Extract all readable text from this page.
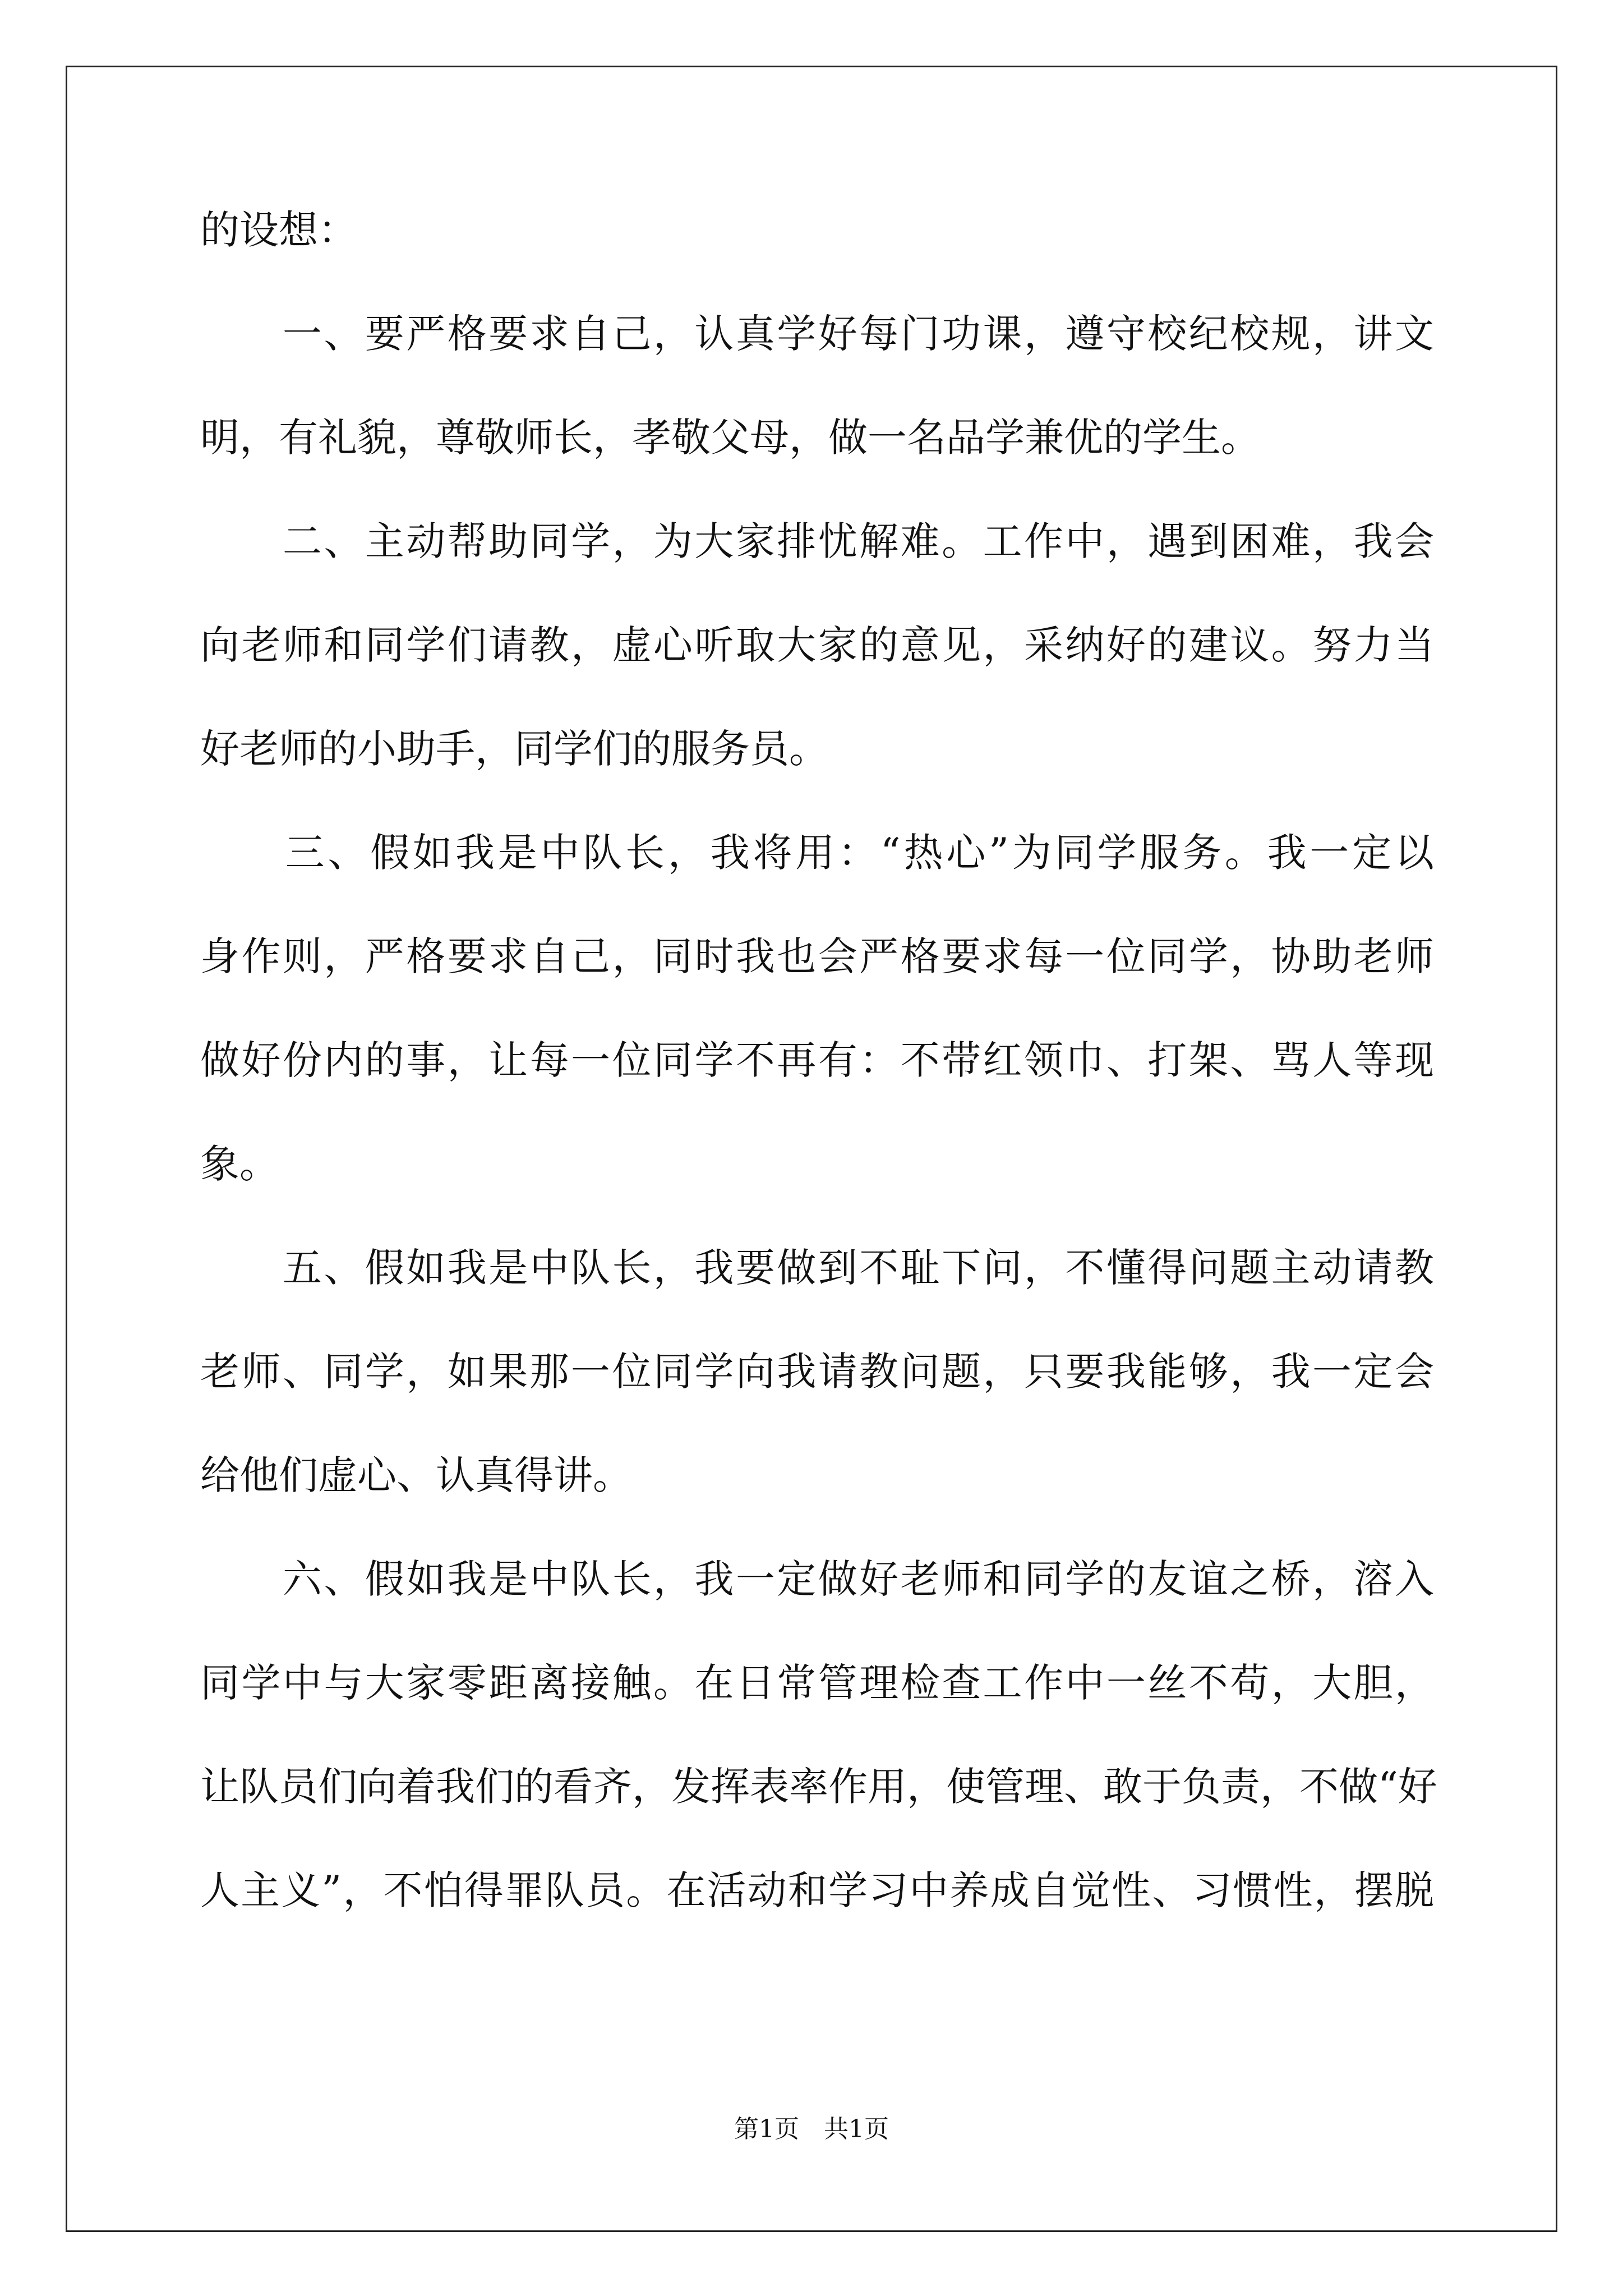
的设想：

　　一、要严格要求自己，认真学好每门功课，遵守校纪校规，讲文

明，有礼貌，尊敬师长，孝敬父母，做一名品学兼优的学生。

　　二、主动帮助同学，为大家排忧解难。工作中，遇到困难，我会

向老师和同学们请教，虚心听取大家的意见，采纳好的建议。努力当

好老师的小助手，同学们的服务员。

　　三、假如我是中队长，我将用：“热心”为同学服务。我一定以

身作则，严格要求自己，同时我也会严格要求每一位同学，协助老师

做好份内的事，让每一位同学不再有：不带红领巾、打架、骂人等现

象。

　　五、假如我是中队长，我要做到不耻下问，不懂得问题主动请教

老师、同学，如果那一位同学向我请教问题，只要我能够，我一定会

给他们虚心、认真得讲。

　　六、假如我是中队长，我一定做好老师和同学的友谊之桥，溶入

同学中与大家零距离接触。在日常管理检查工作中一丝不苟，大胆，

让队员们向着我们的看齐，发挥表率作用，使管理、敢于负责，不做“好

人主义”，不怕得罪队员。在活动和学习中养成自觉性、习惯性，摆脱

第1页　共1页
